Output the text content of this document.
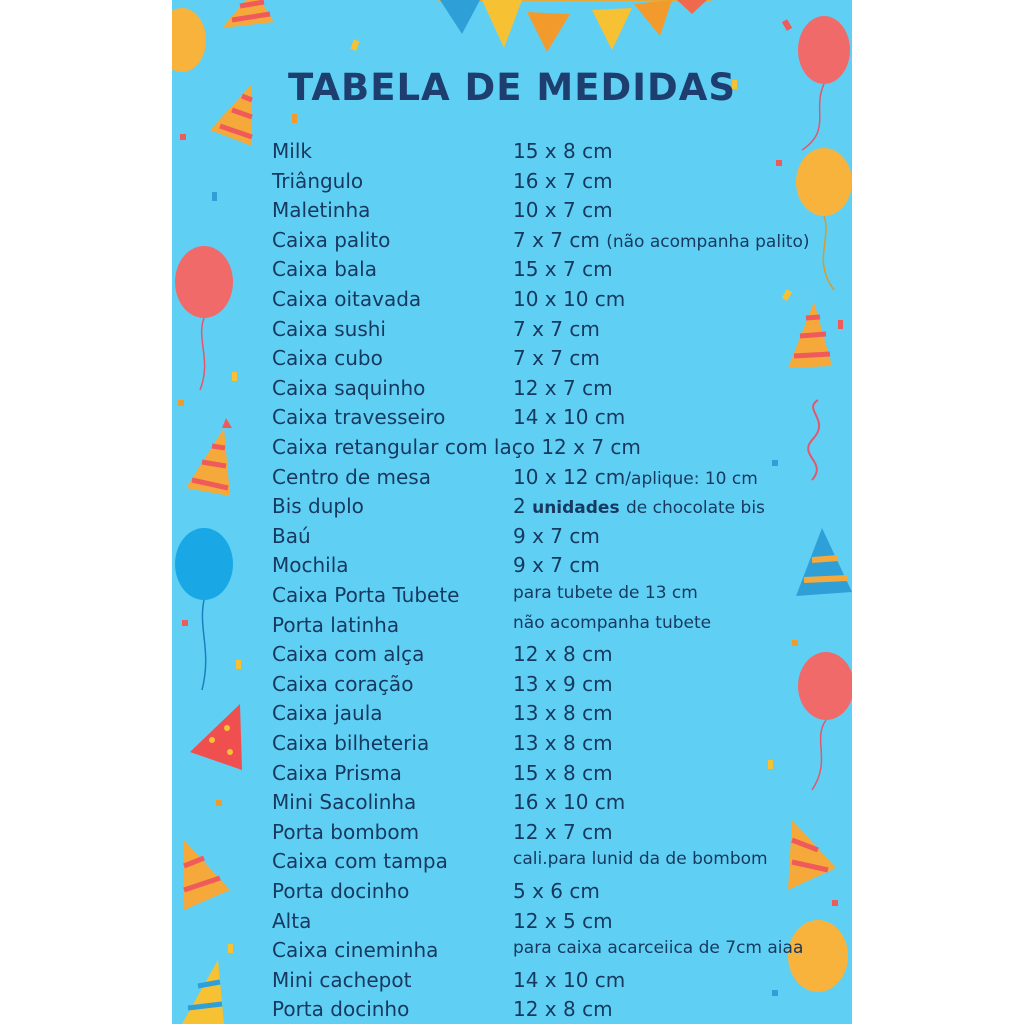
TABELA DE MEDIDAS
Milk	15 x 8 cm
Triângulo	16 x 7 cm
Maletinha	10 x 7 cm
Caixa palito	7 x 7 cm (não acompanha palito)
Caixa bala	15 x 7 cm
Caixa oitavada	10 x 10 cm
Caixa sushi	7 x 7 cm
Caixa cubo	7 x 7 cm
Caixa saquinho	12 x 7 cm
Caixa travesseiro	14 x 10 cm
Caixa retangular com laço 12 x 7 cm
Centro de mesa	10 x 12 cm/aplique: 10 cm
Bis duplo	2 unidades de chocolate bis
Baú	9 x 7 cm
Mochila	9 x 7 cm
Caixa Porta Tubete	para tubete de 13 cm
Porta latinha	não acompanha tubete
Caixa com alça	12 x 8 cm
Caixa coração	13 x 9 cm
Caixa jaula	13 x 8 cm
Caixa bilheteria	13 x 8 cm
Caixa Prisma	15 x 8 cm
Mini Sacolinha	16 x 10 cm
Porta bombom	12 x 7 cm
Caixa com tampa	cali.para lunid da de bombom
Porta docinho	5 x 6 cm
Alta	12 x 5 cm
Caixa cineminha	para caixa acarceiica de 7cm aiaa
Mini cachepot	14 x 10 cm
Porta docinho	12 x 8 cm
